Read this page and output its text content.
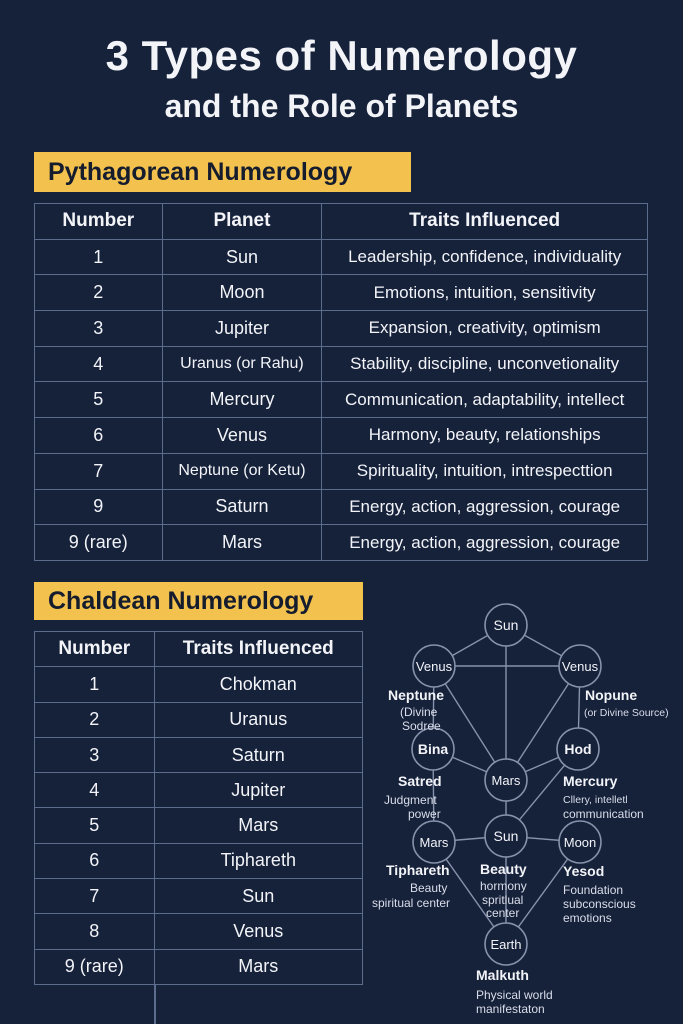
3 Types of Numerology
and the Role of Planets
Pythagorean Numerology
Number	Planet	Traits Influenced
1	Sun	Leadership, confidence, individuality
2	Moon	Emotions, intuition, sensitivity
3	Jupiter	Expansion, creativity, optimism
4	Uranus (or Rahu)	Stability, discipline, unconvetionality
5	Mercury	Communication, adaptability, intellect
6	Venus	Harmony, beauty, relationships
7	Neptune (or Ketu)	Spirituality, intuition, intrespecttion
9	Saturn	Energy, action, aggression, courage
9 (rare)	Mars	Energy, action, aggression, courage
Chaldean Numerology
Number	Traits Influenced
1	Chokman
2	Uranus
3	Saturn
4	Jupiter
5	Mars
6	Tiphareth
7	Sun
8	Venus
9 (rare)	Mars
Sun
Venus	Venus
Bina	Hod
Mars
Mars	Sun	Moon
Earth
Neptune
(Divine
Sodree
Nopune
(or Divine Source)
Satred
Judgment
power
Mercury
Cllery, intelletl
communication
Tiphareth
Beauty
spiritual center
Beauty
hormony
spritlual
center
Yesod
Foundation
subconscious
emotions
Malkuth
Physical world
manifestaton
